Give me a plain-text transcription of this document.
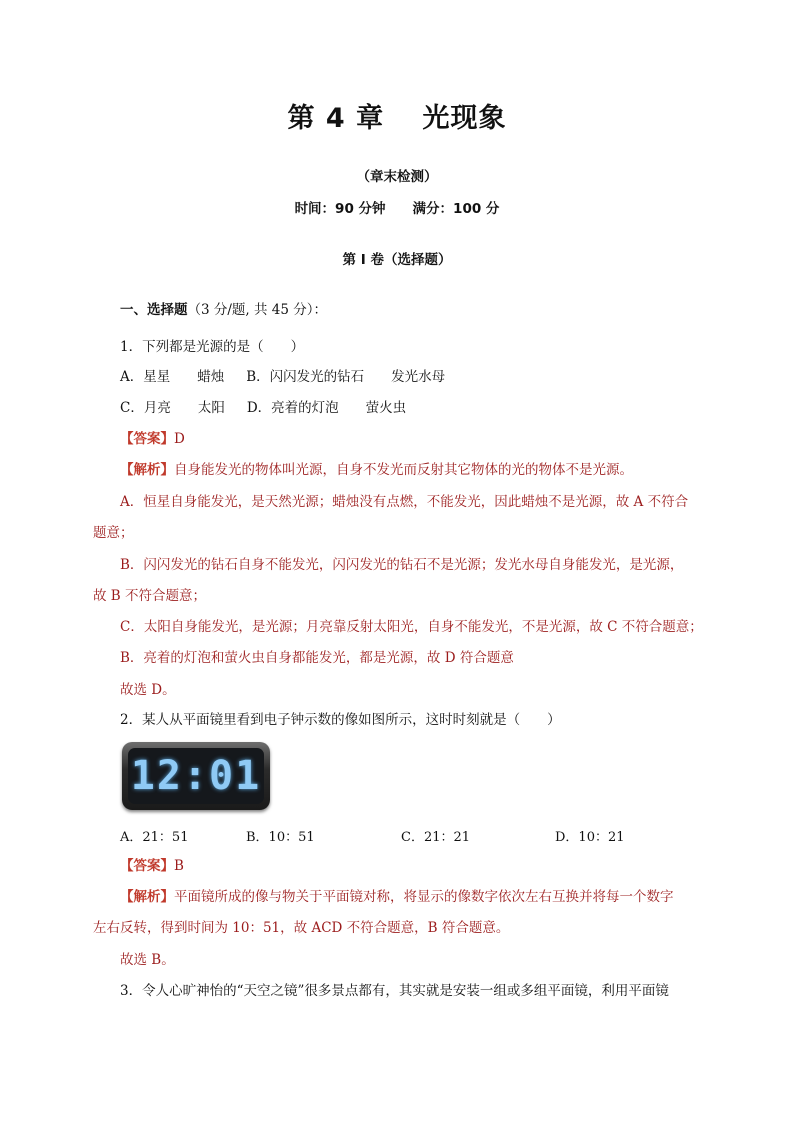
第 4 章　 光现象
（章末检测）
时间：90 分钟　　满分：100 分
第 I 卷（选择题）
一、选择题（3 分/题, 共 45 分）：
1．下列都是光源的是（　　）
A．星星　　蜡烛 B．闪闪发光的钻石　　发光水母
C．月亮　　太阳 D．亮着的灯泡　　萤火虫
【答案】D
【解析】自身能发光的物体叫光源，自身不发光而反射其它物体的光的物体不是光源。
A．恒星自身能发光，是天然光源；蜡烛没有点燃，不能发光，因此蜡烛不是光源，故 A 不符合
题意；
B．闪闪发光的钻石自身不能发光，闪闪发光的钻石不是光源；发光水母自身能发光，是光源，
故 B 不符合题意；
C．太阳自身能发光，是光源；月亮靠反射太阳光，自身不能发光，不是光源，故 C 不符合题意；
B．亮着的灯泡和萤火虫自身都能发光，都是光源，故 D 符合题意
故选 D。
2．某人从平面镜里看到电子钟示数的像如图所示，这时时刻就是（　　）
12:01
A．21：51	B．10：51	C．21：21	D．10：21
【答案】B
【解析】平面镜所成的像与物关于平面镜对称，将显示的像数字依次左右互换并将每一个数字
左右反转，得到时间为 10：51，故 ACD 不符合题意，B 符合题意。
故选 B。
3．令人心旷神怡的“天空之镜”很多景点都有，其实就是安装一组或多组平面镜，利用平面镜
